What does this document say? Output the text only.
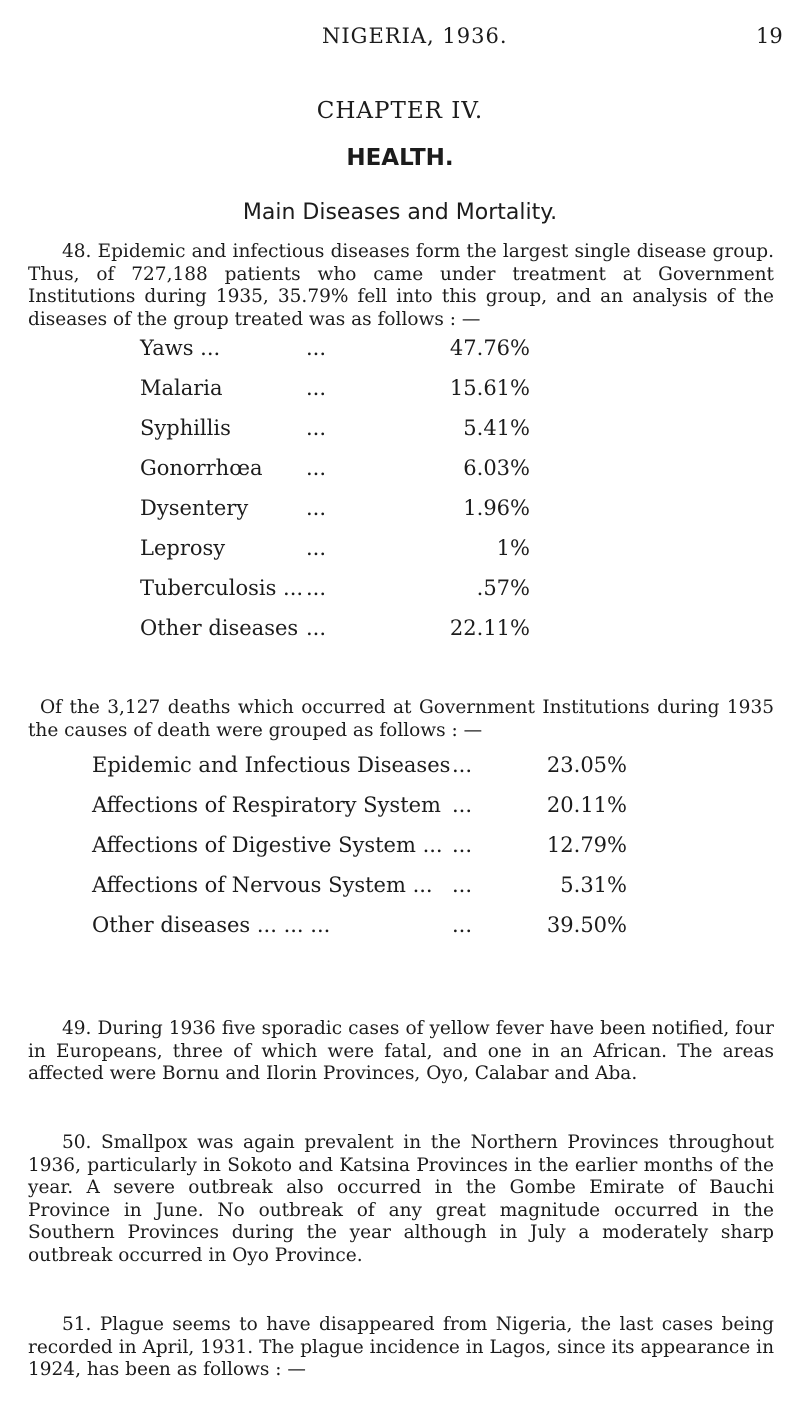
NIGERIA, 1936.	19
CHAPTER IV.
HEALTH.
Main Diseases and Mortality.

48. Epidemic and infectious diseases form the largest single disease group. Thus, of 727,188 patients who came under treatment at Government Institutions during 1935, 35.79% fell into this group, and an analysis of the diseases of the group treated was as follows : —

Yaws ...	...	47.76%
Malaria	...	15.61%
Syphillis	...	5.41%
Gonorrhœa ...	6.03%
Dysentery	...	1.96%
Leprosy	...	1%
Tuberculosis ... ...	.57%
Other diseases ...	22.11%

Of the 3,127 deaths which occurred at Government Institutions during 1935 the causes of death were grouped as follows : —

Epidemic and Infectious Diseases ...	23.05%
Affections of Respiratory System ...	20.11%
Affections of Digestive System ... ...	12.79%
Affections of Nervous System ... ...	5.31%
Other diseases ... ... ...	...	39.50%

49. During 1936 five sporadic cases of yellow fever have been notified, four in Europeans, three of which were fatal, and one in an African. The areas affected were Bornu and Ilorin Provinces, Oyo, Calabar and Aba.

50. Smallpox was again prevalent in the Northern Provinces throughout 1936, particularly in Sokoto and Katsina Provinces in the earlier months of the year. A severe outbreak also occurred in the Gombe Emirate of Bauchi Province in June. No outbreak of any great magnitude occurred in the Southern Provinces during the year although in July a moderately sharp outbreak occurred in Oyo Province.

51. Plague seems to have disappeared from Nigeria, the last cases being recorded in April, 1931. The plague incidence in Lagos, since its appearance in 1924, has been as follows : —
